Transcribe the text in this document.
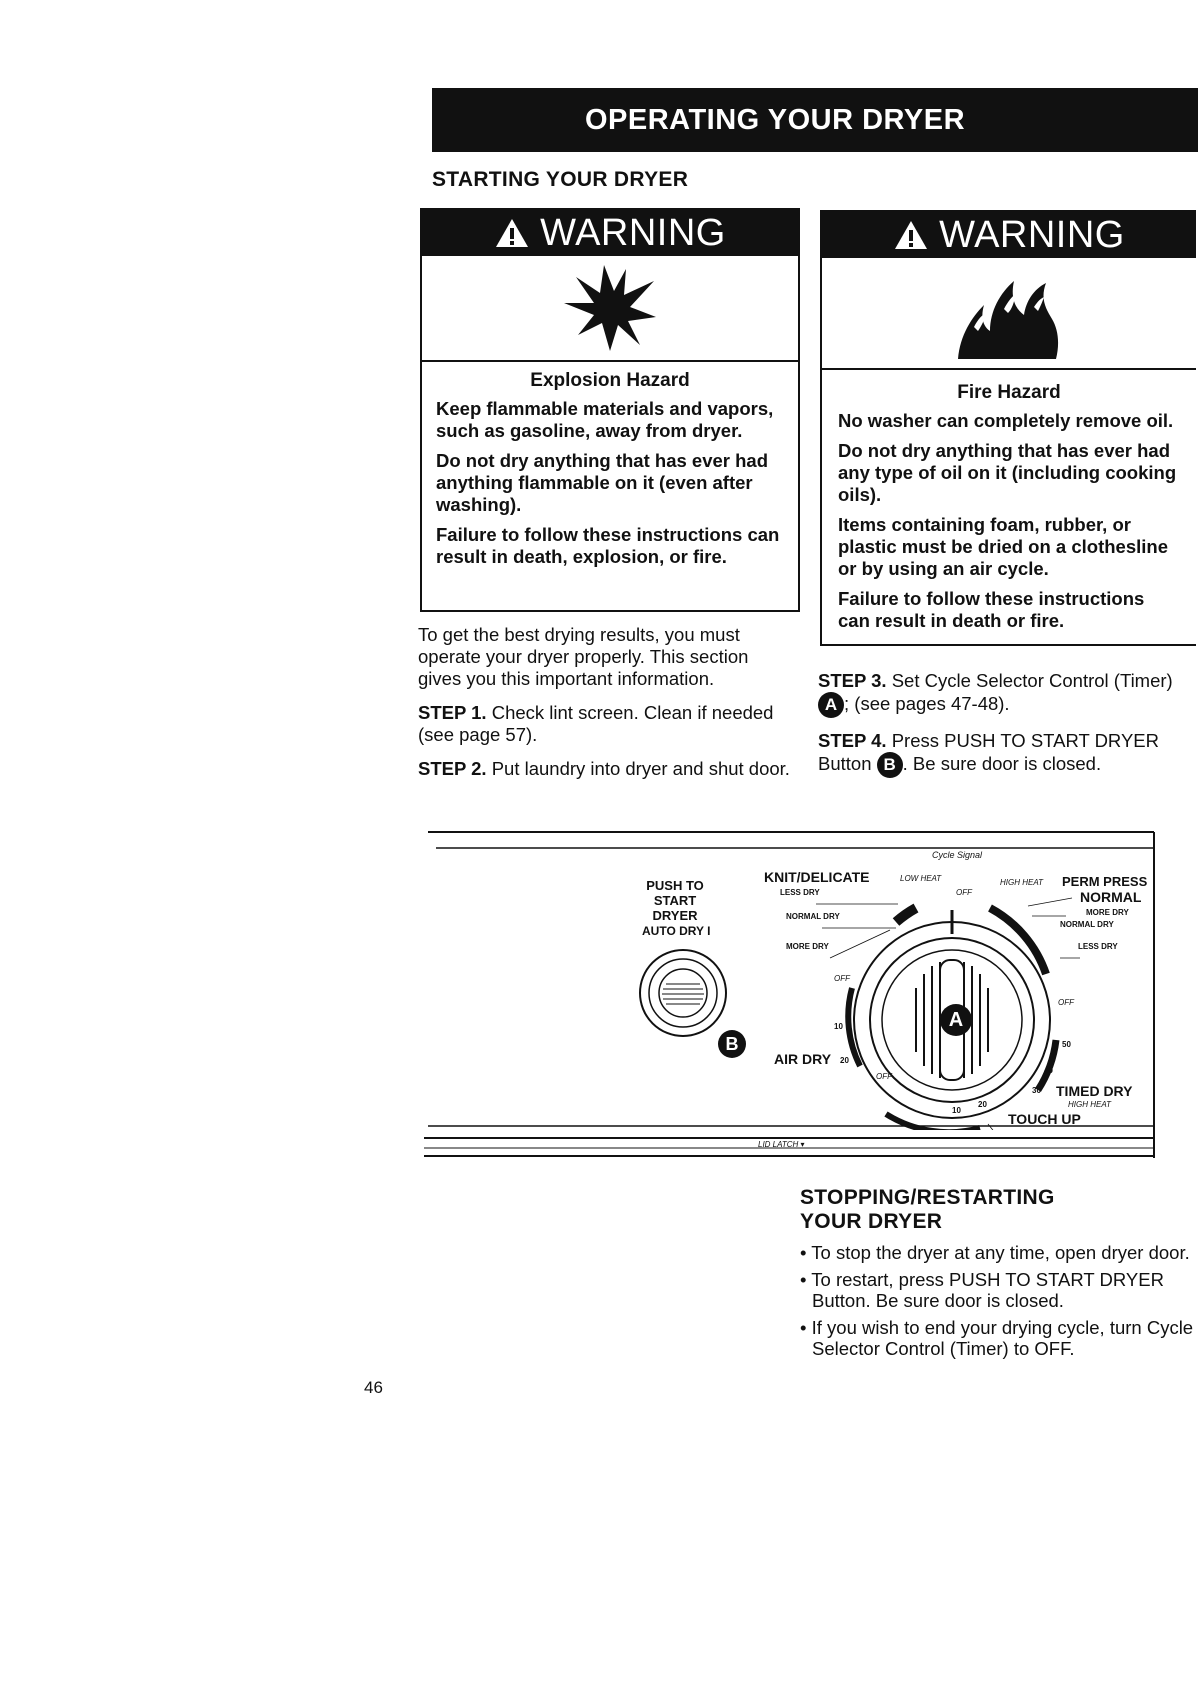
OPERATING YOUR DRYER
STARTING YOUR DRYER
WARNING
Explosion Hazard

Keep flammable materials and vapors, such as gasoline, away from dryer.

Do not dry anything that has ever had anything flammable on it (even after washing).

Failure to follow these instructions can result in death, explosion, or fire.

WARNING
Fire Hazard

No washer can completely remove oil.

Do not dry anything that has ever had any type of oil on it (including cooking oils).

Items containing foam, rubber, or plastic must be dried on a clothesline or by using an air cycle.

Failure to follow these instructions can result in death or fire.

To get the best drying results, you must operate your dryer properly. This section gives you this important information.

STEP 1. Check lint screen. Clean if needed (see page 57).

STEP 2. Put laundry into dryer and shut door.

STEP 3. Set Cycle Selector Control (Timer)A ; (see pages 47-48).

STEP 4. Press PUSH TO START DRYER Button B . Be sure door is closed.

Cycle Signal
PUSH TO START DRYER
AUTO DRY I
B
A
KNIT/DELICATE	LOW HEAT
LESS DRY
NORMAL DRY
MORE DRY
OFF
OFF
OFF
OFF
HIGH HEAT PERM PRESS
NORMAL
MORE DRY
NORMAL DRY
LESS DRY
10
AIR DRY 20
50
40
30
20
10
TIMED DRY
HIGH HEAT
TOUCH UP
LID LATCH ▾
STOPPING/RESTARTING
YOUR DRYER
• To stop the dryer at any time, open dryer door.
• To restart, press PUSH TO START DRYER Button. Be sure door is closed.
• If you wish to end your drying cycle, turn Cycle Selector Control (Timer) to OFF.
46
